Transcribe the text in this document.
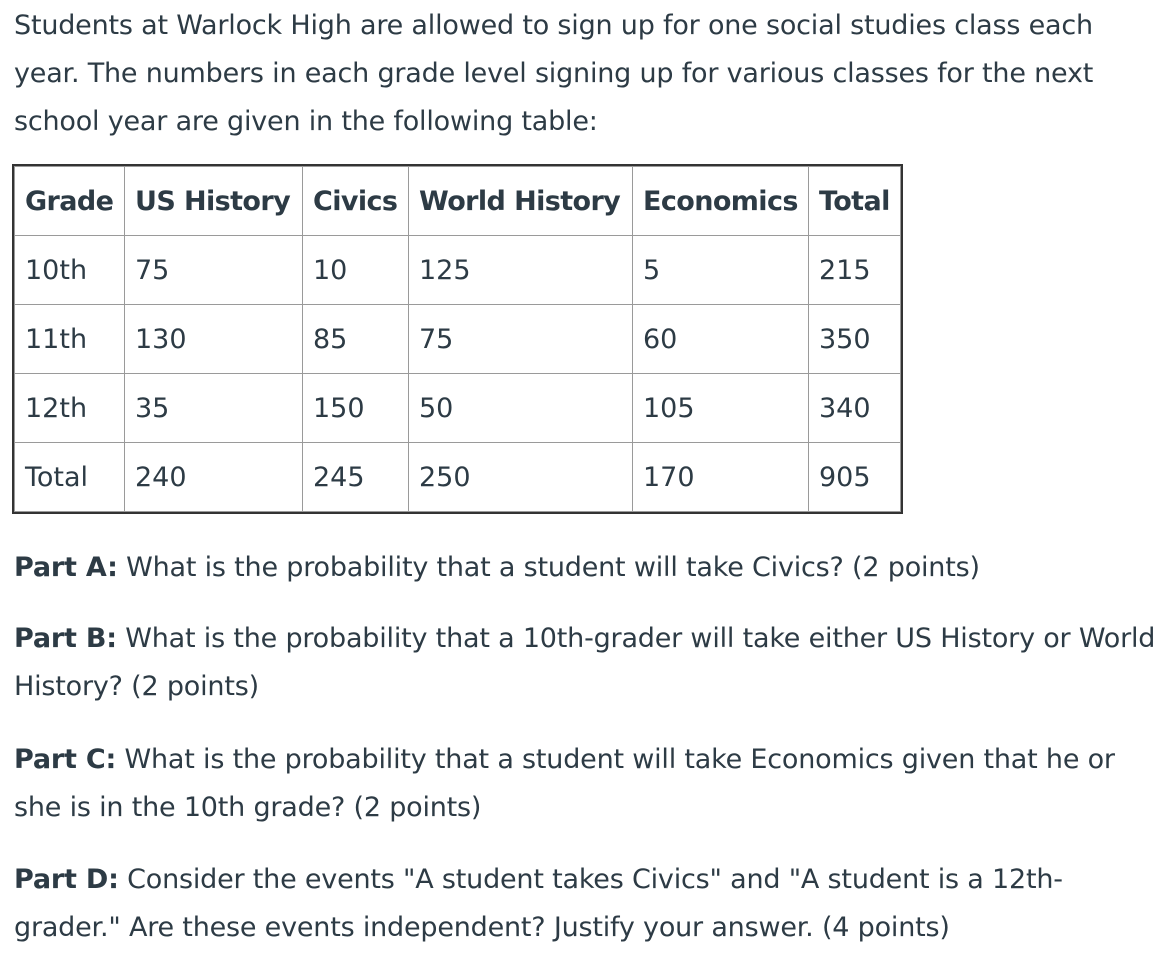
Students at Warlock High are allowed to sign up for one social studies class each year. The numbers in each grade level signing up for various classes for the next school year are given in the following table:

Grade	US History	Civics	World History	Economics	Total
10th	75	10	125	5	215
11th	130	85	75	60	350
12th	35	150	50	105	340
Total	240	245	250	170	905

Part A: What is the probability that a student will take Civics? (2 points)

Part B: What is the probability that a 10th-grader will take either US History or World History? (2 points)

Part C: What is the probability that a student will take Economics given that he or she is in the 10th grade? (2 points)

Part D: Consider the events "A student takes Civics" and "A student is a 12th-grader." Are these events independent? Justify your answer. (4 points)
